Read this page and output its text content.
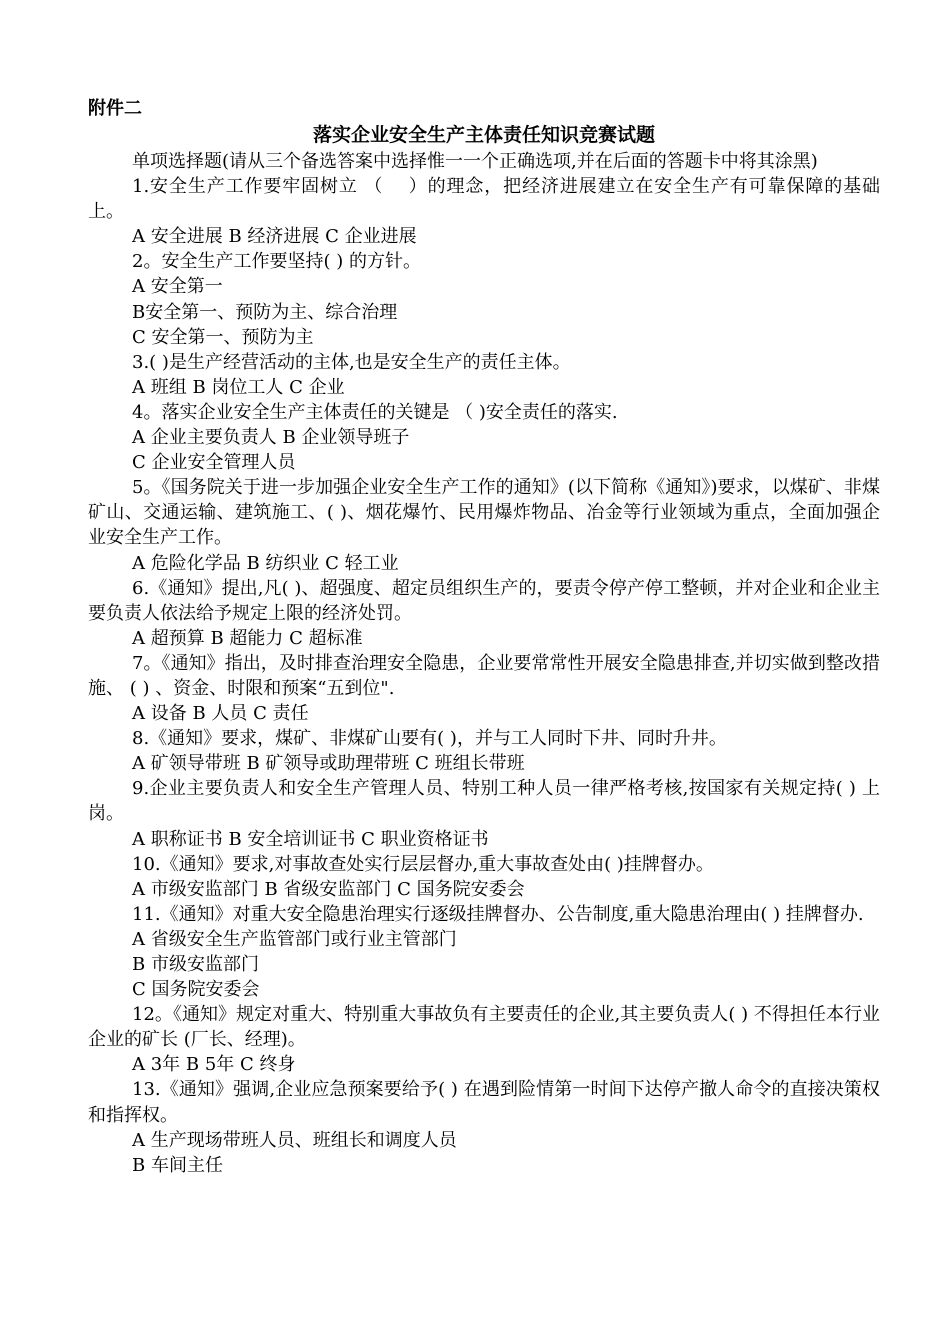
附件二

落实企业安全生产主体责任知识竞赛试题

单项选择题(请从三个备选答案中选择惟一一个正确选项,并在后面的答题卡中将其涂黑)

1.安全生产工作要牢固树立 （　 ）的理念，把经济进展建立在安全生产有可靠保障的基础上。

A 安全进展 B 经济进展 C 企业进展

2。安全生产工作要坚持( ) 的方针。

A 安全第一

B安全第一、预防为主、综合治理

C 安全第一、预防为主

3.( )是生产经营活动的主体,也是安全生产的责任主体。

A 班组 B 岗位工人 C 企业

4。落实企业安全生产主体责任的关键是 （ )安全责任的落实.

A 企业主要负责人 B 企业领导班子

C 企业安全管理人员

5。《国务院关于进一步加强企业安全生产工作的通知》(以下简称《通知》)要求，以煤矿、非煤矿山、交通运输、建筑施工、( )、烟花爆竹、民用爆炸物品、冶金等行业领域为重点，全面加强企业安全生产工作。

A 危险化学品 B 纺织业 C 轻工业

6.《通知》提出,凡( )、超强度、超定员组织生产的，要责令停产停工整顿，并对企业和企业主要负责人依法给予规定上限的经济处罚。

A 超预算 B 超能力 C 超标准

7。《通知》指出，及时排查治理安全隐患，企业要常常性开展安全隐患排查,并切实做到整改措施、 ( ) 、资金、时限和预案“五到位".

A 设备 B 人员 C 责任

8.《通知》要求，煤矿、非煤矿山要有( )，并与工人同时下井、同时升井。

A 矿领导带班 B 矿领导或助理带班 C 班组长带班

9.企业主要负责人和安全生产管理人员、特别工种人员一律严格考核,按国家有关规定持( ) 上岗。

A 职称证书 B 安全培训证书 C 职业资格证书

10.《通知》要求,对事故查处实行层层督办,重大事故查处由( )挂牌督办。

A 市级安监部门 B 省级安监部门 C 国务院安委会

11.《通知》对重大安全隐患治理实行逐级挂牌督办、公告制度,重大隐患治理由( ) 挂牌督办.

A 省级安全生产监管部门或行业主管部门

B 市级安监部门

C 国务院安委会

12。《通知》规定对重大、特别重大事故负有主要责任的企业,其主要负责人( ) 不得担任本行业企业的矿长 (厂长、经理)。

A 3年 B 5年 C 终身

13.《通知》强调,企业应急预案要给予( ) 在遇到险情第一时间下达停产撤人命令的直接决策权和指挥权。

A 生产现场带班人员、班组长和调度人员

B 车间主任
